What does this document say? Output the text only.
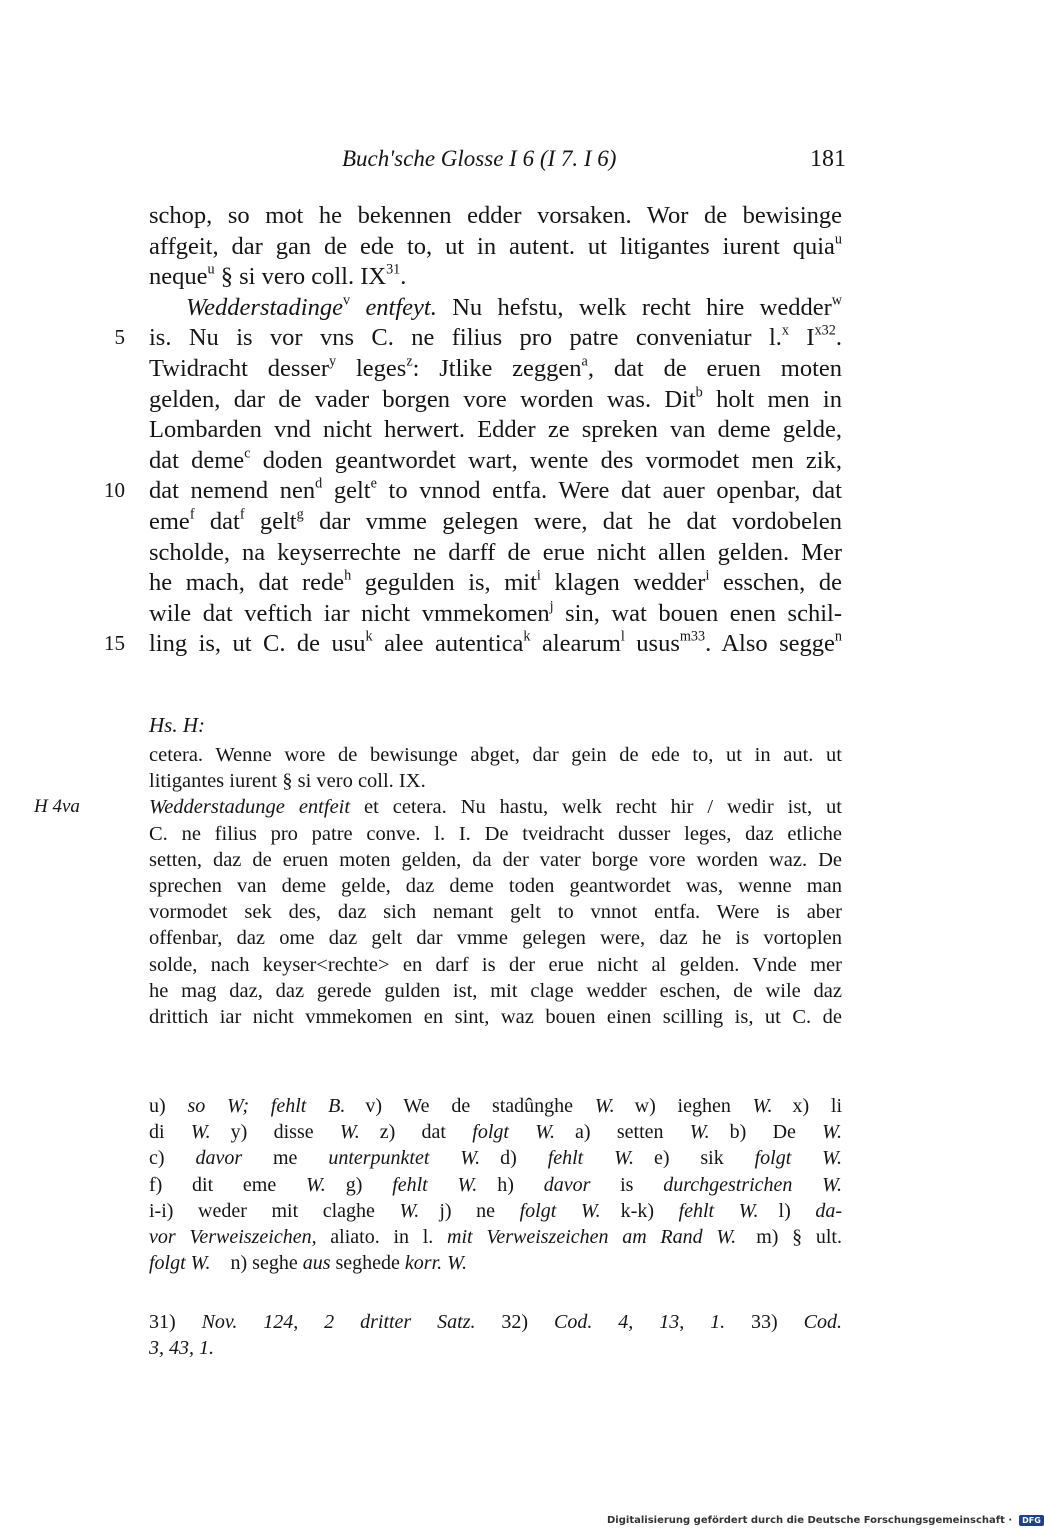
Buch'sche Glosse I 6 (I 7. I 6)	181
schop, so mot he bekennen edder vorsaken. Wor de bewisinge
affgeit, dar gan de ede to, ut in autent. ut litigantes iurent quia$^u$
neque$^u$ § si vero coll. IX$^{31}$.
Wedderstadinge$^v$ entfeyt. Nu hefstu, welk recht hire wedder$^w$
5 is. Nu is vor vns C. ne filius pro patre conveniatur l.$^x$ $I^{x32}$.
Twidracht desser$^y$ leges$^z$: Jtlike zeggen$^a$, dat de eruen moten
gelden, dar de vader borgen vore worden was. Dit$^b$ holt men in
Lombarden vnd nicht herwert. Edder ze spreken van deme gelde,
dat deme$^c$ doden geantwordet wart, wente des vormodet men zik,
10 dat nemend nen$^d$ gelt$^e$ to vnnod entfa. Were dat auer openbar, dat
eme$^f$ dat$^f$ gelt$^g$ dar vmme gelegen were, dat he dat vordobelen
scholde, na keyserrechte ne darff de erue nicht allen gelden. Mer
he mach, dat rede$^h$ gegulden is, mit$^i$ klagen wedder$^i$ esschen, de
wile dat veftich iar nicht vmmekomen$^j$ sin, wat bouen enen schil-
15 ling is, ut C. de usu$^k$ alee autentica$^k$ alearum$^l$ usus$^{m33}$. Also segge$^n$
Hs. H:
cetera. Wenne wore de bewisunge abget, dar gein de ede to, ut in aut. ut
litigantes iurent § si vero coll. IX.
H 4va	Wedderstadunge entfeit et cetera. Nu hastu, welk recht hir / wedir ist, ut
C. ne filius pro patre conve. l. I. De tveidracht dusser leges, daz etliche
setten, daz de eruen moten gelden, da der vater borge vore worden waz. De
sprechen van deme gelde, daz deme toden geantwordet was, wenne man
vormodet sek des, daz sich nemant gelt to vnnot entfa. Were is aber
offenbar, daz ome daz gelt dar vmme gelegen were, daz he is vortoplen
solde, nach keyser<rechte> en darf is der erue nicht al gelden. Vnde mer
he mag daz, daz gerede gulden ist, mit clage wedder eschen, de wile daz
drittich iar nicht vmmekomen en sint, waz bouen einen scilling is, ut C. de
u) so W; fehlt B. v) We de stadûnghe W. w) ieghen W. x) li
di W. y) disse W. z) dat folgt W. a) setten W. b) De W.
c) davor me unterpunktet W. d) fehlt W. e) sik folgt W.
f) dit eme W. g) fehlt W. h) davor is durchgestrichen W.
i-i) weder mit claghe W. j) ne folgt W. k-k) fehlt W. l) da-
vor Verweiszeichen, aliato. in l. mit Verweiszeichen am Rand W. m) § ult.
folgt W. n) seghe aus seghede korr. W.
31) Nov. 124, 2 dritter Satz. 32) Cod. 4, 13, 1. 33) Cod.
3, 43, 1.
Digitalisierung gefördert durch die Deutsche Forschungsgemeinschaft · DFG
